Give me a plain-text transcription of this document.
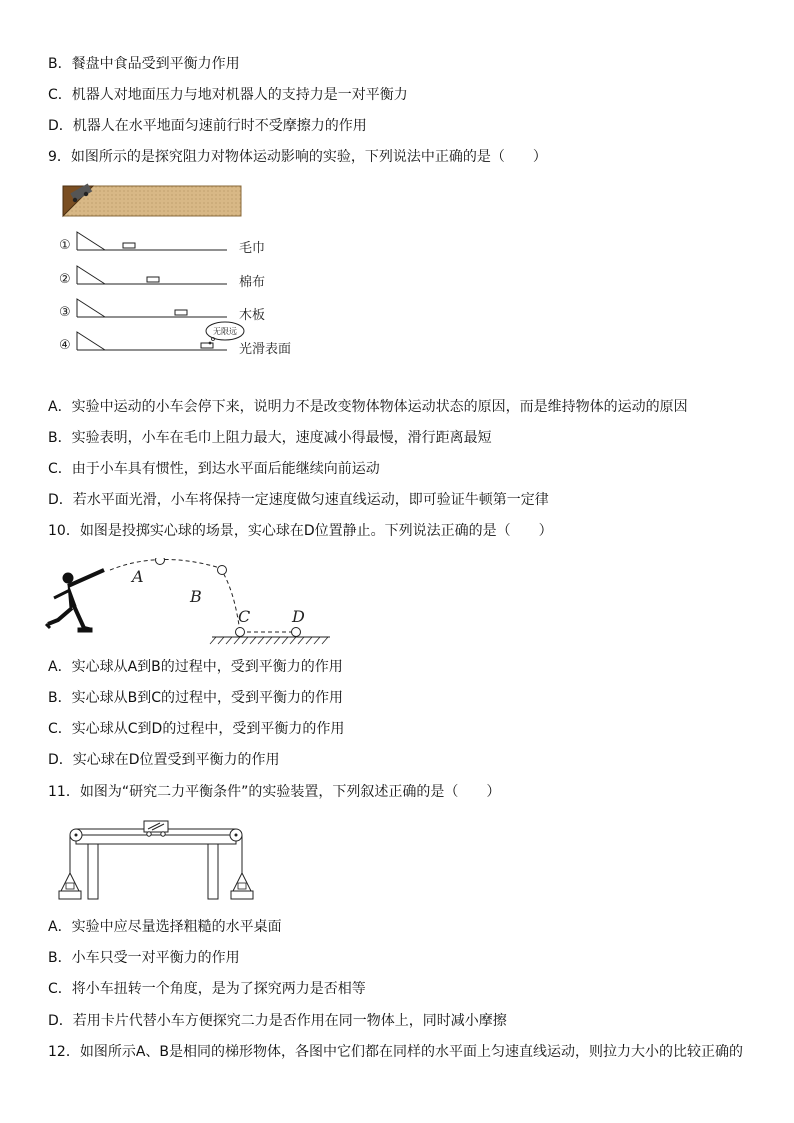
B．餐盘中食品受到平衡力作用
C．机器人对地面压力与地对机器人的支持力是一对平衡力
D．机器人在水平地面匀速前行时不受摩擦力的作用
9．如图所示的是探究阻力对物体运动影响的实验，下列说法中正确的是（　　）
①	毛巾
②	棉布
③	木板
④
无限远
光滑表面
A．实验中运动的小车会停下来，说明力不是改变物体物体运动状态的原因，而是维持物体的运动的原因
B．实验表明，小车在毛巾上阻力最大，速度减小得最慢，滑行距离最短
C．由于小车具有惯性，到达水平面后能继续向前运动
D．若水平面光滑，小车将保持一定速度做匀速直线运动，即可验证牛顿第一定律
10．如图是投掷实心球的场景，实心球在D位置静止。下列说法正确的是（　　）
A
B
C	D
A．实心球从A到B的过程中，受到平衡力的作用
B．实心球从B到C的过程中，受到平衡力的作用
C．实心球从C到D的过程中，受到平衡力的作用
D．实心球在D位置受到平衡力的作用
11．如图为“研究二力平衡条件”的实验装置，下列叙述正确的是（　　）
A．实验中应尽量选择粗糙的水平桌面
B．小车只受一对平衡力的作用
C．将小车扭转一个角度，是为了探究两力是否相等
D．若用卡片代替小车方便探究二力是否作用在同一物体上，同时减小摩擦
12．如图所示A、B是相同的梯形物体，各图中它们都在同样的水平面上匀速直线运动，则拉力大小的比较正确的
